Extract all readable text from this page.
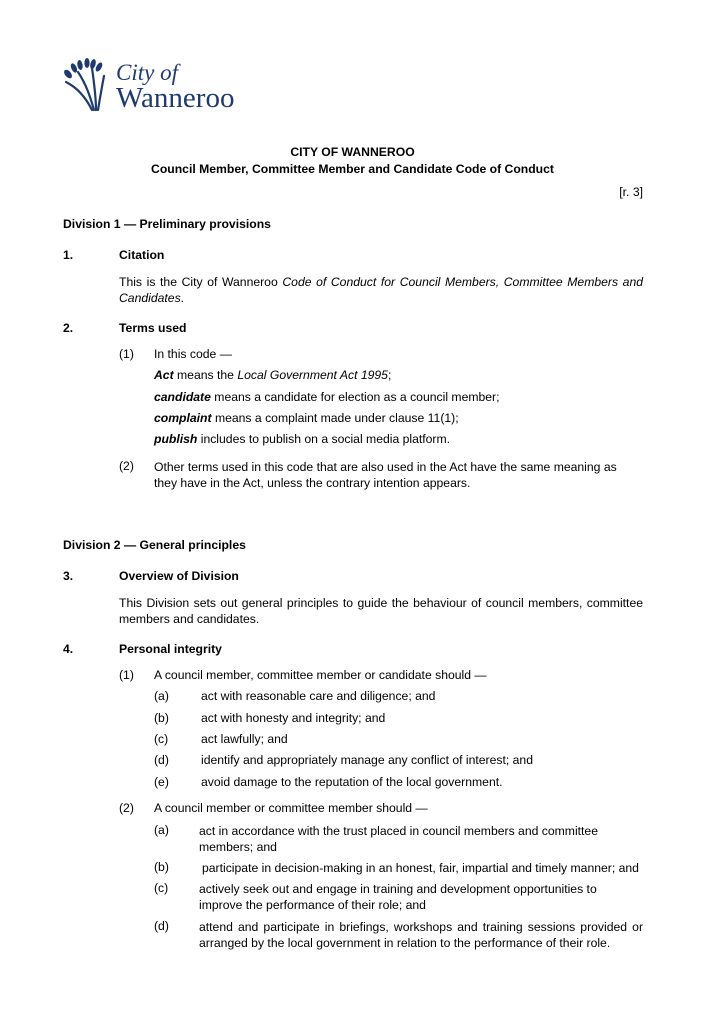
City of
Wanneroo
CITY OF WANNEROO
Council Member, Committee Member and Candidate Code of Conduct
[r. 3]
Division 1 — Preliminary provisions
1.	Citation
This is the City of Wanneroo Code of Conduct for Council Members, Committee Members and Candidates.
2.	Terms used
(1) In this code —
Act means the Local Government Act 1995;
candidate means a candidate for election as a council member;
complaint means a complaint made under clause 11(1);
publish includes to publish on a social media platform.
(2) Other terms used in this code that are also used in the Act have the same meaning as they have in the Act, unless the contrary intention appears.
Division 2 — General principles
3.	Overview of Division
This Division sets out general principles to guide the behaviour of council members, committee members and candidates.
4.	Personal integrity
(1) A council member, committee member or candidate should —
(a)	act with reasonable care and diligence; and
(b)	act with honesty and integrity; and
(c)	act lawfully; and
(d)	identify and appropriately manage any conflict of interest; and
(e)	avoid damage to the reputation of the local government.
(2) A council member or committee member should —
(a) act in accordance with the trust placed in council members and committee members; and
(b)	participate in decision-making in an honest, fair, impartial and timely manner; and
(c)	actively seek out and engage in training and development opportunities to improve the performance of their role; and
(d) attend and participate in briefings, workshops and training sessions provided or arranged by the local government in relation to the performance of their role.
